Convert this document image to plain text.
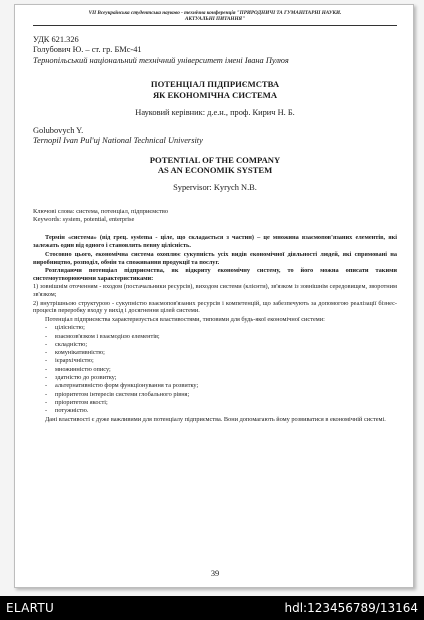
VII Всеукраїнська студентська науково - технічна конференція "ПРИРОДНИЧІ ТА ГУМАНІТАРНІ НАУКИ.
АКТУАЛЬНІ ПИТАННЯ"
УДК 621.326
Голубович Ю. – ст. гр. БМс-41
Тернопільський національний технічний університет імені Івана Пулюя
ПОТЕНЦІАЛ ПІДПРИЄМСТВА
ЯК ЕКОНОМІЧНА СИСТЕМА
Науковий керівник: д.е.н., проф. Кирич Н. Б.
Golubovych Y.
Ternopil Ivan Pul'uj National Technical University
POTENTIAL OF THE COMPANY
AS AN ECONOMIK SYSTEM
Sypervisor: Kyrych N.B.
Ключові слова: система, потенціал, підприємство
Keywords: system, potential, enterprise

Термін «система» (від грец. systema - ціле, що складається з частин) – це множина взаємопов'язаних елементів, які залежать один від одного і становлять певну цілісність.

Стосовно цього, економічна система охоплює сукупність усіх видів економічної діяльності людей, які спрямовані на виробництво, розподіл, обмін та споживання продукції та послуг.

Розглядаючи потенціал підприємства, як відкриту економічну систему, то його можна описати такими системоутворюючими характеристиками:

1) зовнішнім оточенням - входом (постачальники ресурсів), виходом системи (клієнти), зв'язком із зовнішнім середовищем, зворотним зв'язком;

2) внутрішньою структурою - сукупністю взаємопов'язаних ресурсів і компетенцій, що забезпечують за допомогою реалізації бізнес-процесів переробку входу у вихід і досягнення цілей системи.

Потенціал підприємства характеризується властивостями, типовими для будь-якої економічної системи:

- цілісністю;
- взаємозв'язком і взаємодією елементів;
- складністю;
- комунікативністю;
- ієрархічністю;
- множинністю опису;
- здатністю до розвитку;
- альтернативністю форм функціонування та розвитку;
- пріоритетом інтересів системи глобального рівня;
- пріоритетом якості;
- потужністю.

Дані властивості є дуже важливими для потенціалу підприємства. Вони допомагають йому розвиватися в економічній системі.

39
ELARTU	hdl:123456789/13164
